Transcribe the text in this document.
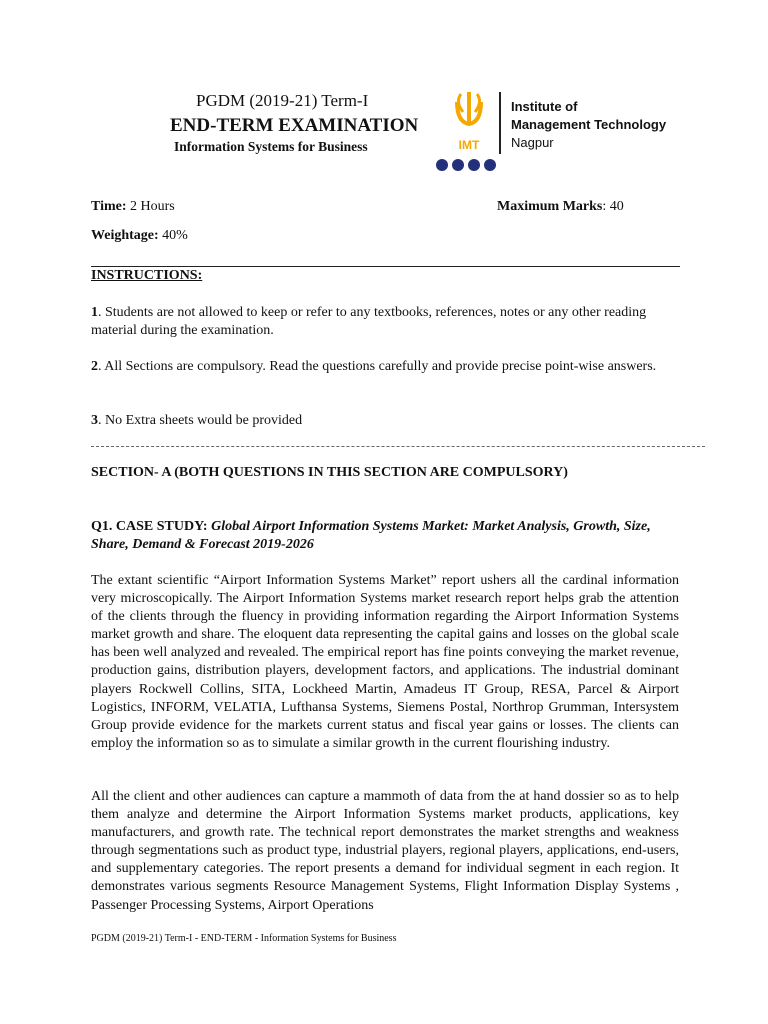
PGDM (2019-21) Term-I
END-TERM EXAMINATION
Information Systems for Business	IMT
Institute of
Management Technology
Nagpur
Time: 2 Hours	Maximum Marks: 40
Weightage: 40%
INSTRUCTIONS:
1. Students are not allowed to keep or refer to any textbooks, references, notes or any other reading material during the examination.
2. All Sections are compulsory. Read the questions carefully and provide precise point-wise answers.
3. No Extra sheets would be provided
SECTION- A (BOTH QUESTIONS IN THIS SECTION ARE COMPULSORY)
Q1. CASE STUDY: Global Airport Information Systems Market: Market Analysis, Growth, Size, Share, Demand & Forecast 2019-2026
The extant scientific “Airport Information Systems Market” report ushers all the cardinal information very microscopically. The Airport Information Systems market research report helps grab the attention of the clients through the fluency in providing information regarding the Airport Information Systems market growth and share. The eloquent data representing the capital gains and losses on the global scale has been well analyzed and revealed. The empirical report has fine points conveying the market revenue, production gains, distribution players, development factors, and applications. The industrial dominant players Rockwell Collins, SITA, Lockheed Martin, Amadeus IT Group, RESA, Parcel & Airport Logistics, INFORM, VELATIA, Lufthansa Systems, Siemens Postal, Northrop Grumman, Intersystem Group provide evidence for the markets current status and fiscal year gains or losses. The clients can employ the information so as to simulate a similar growth in the current flourishing industry.
All the client and other audiences can capture a mammoth of data from the at hand dossier so as to help them analyze and determine the Airport Information Systems market products, applications, key manufacturers, and growth rate. The technical report demonstrates the market strengths and weakness through segmentations such as product type, industrial players, regional players, applications, end-users, and supplementary categories. The report presents a demand for individual segment in each region. It demonstrates various segments Resource Management Systems, Flight Information Display Systems , Passenger Processing Systems, Airport Operations
PGDM (2019-21) Term-I - END-TERM - Information Systems for Business
